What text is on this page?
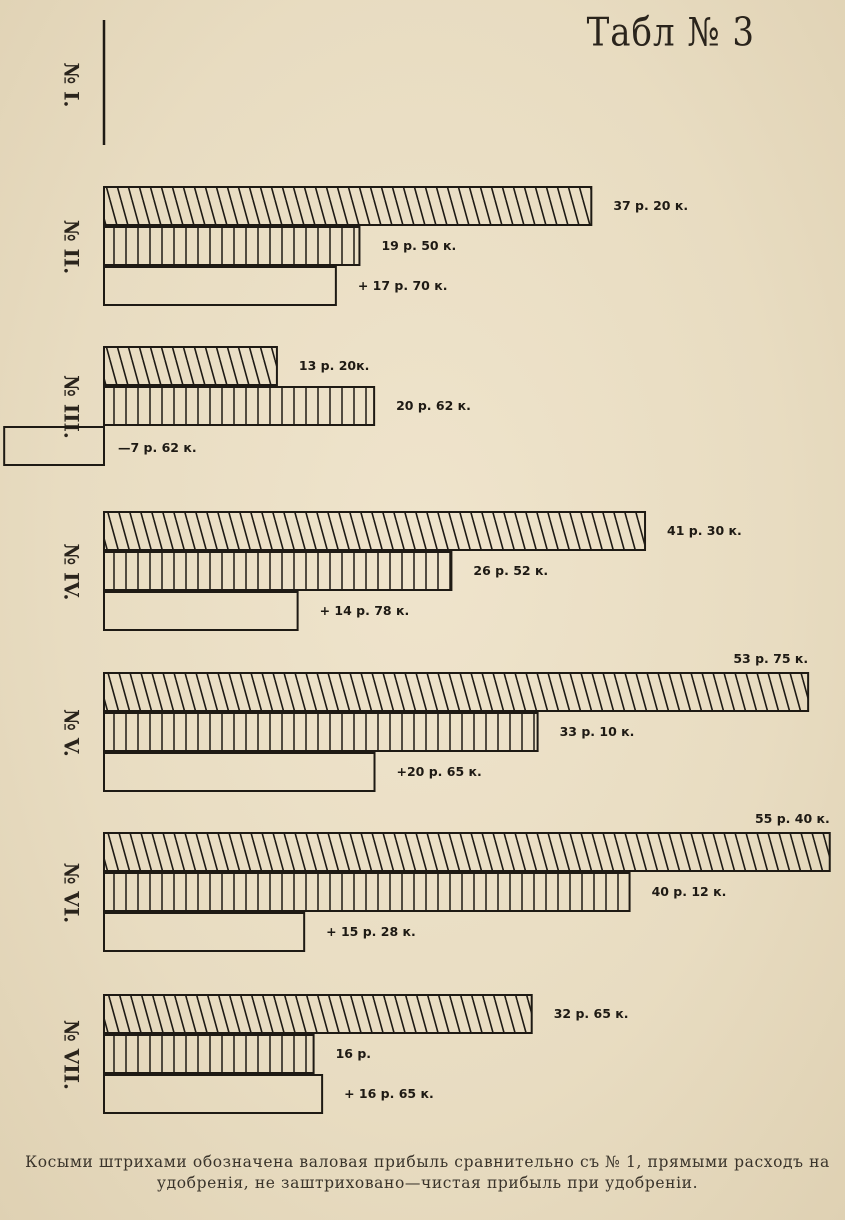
Табл № 3
№ I.
№ II.
37 р. 20 к.
19 р. 50 к.
+ 17 р. 70 к.
№ III.
13 р. 20к.
20 р. 62 к.
—7 р. 62 к.
№ IV.
41 р. 30 к.
26 р. 52 к.
+ 14 р. 78 к.
№ V.
53 р. 75 к.
33 р. 10 к.
+20 р. 65 к.
№ VI.
55 р. 40 к.
40 р. 12 к.
+ 15 р. 28 к.
№ VII.
32 р. 65 к.
16 р.
+ 16 р. 65 к.
Косыми штрихами обозначена валовая прибыль сравнительно съ № 1, прямыми расходъ на удобренія, не заштриховано—чистая прибыль при удобреніи.
